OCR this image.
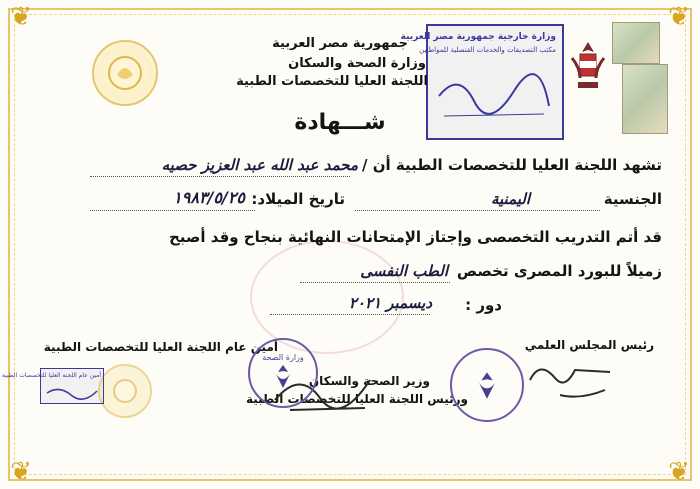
❦	❦
❦	❦
وزارة خارجية جمهورية مصر العربية
مكتب التصديقات والخدمات القنصلية للمواطنين
جمهورية مصر العربية
وزارة الصحة والسكان
اللجنة العليا للتخصصات الطبية
شـــهادة
تشهد اللجنة العليا للتخصصات الطبية أن /
محمد عبد الله عبد العزيز حصيه
الجنسية
اليمنية
تاريخ الميلاد:
١٩٨٣/٥/٢٥
قد أتم التدريب التخصصى وإجتاز الإمتحانات النهائية بنجاح وقد أصبح
زميلاً للبورد المصرى تخصص
الطب النفسى
دور :
ديسمبر ٢٠٢١
رئيس المجلس العلمي
أمين عام اللجنة العليا للتخصصات الطبية
وزير الصحة والسكان
ورئيس اللجنة العليا للتخصصات الطبية
وزارة الصحة
أمين عام اللجنة العليا للتخصصات الطبية
